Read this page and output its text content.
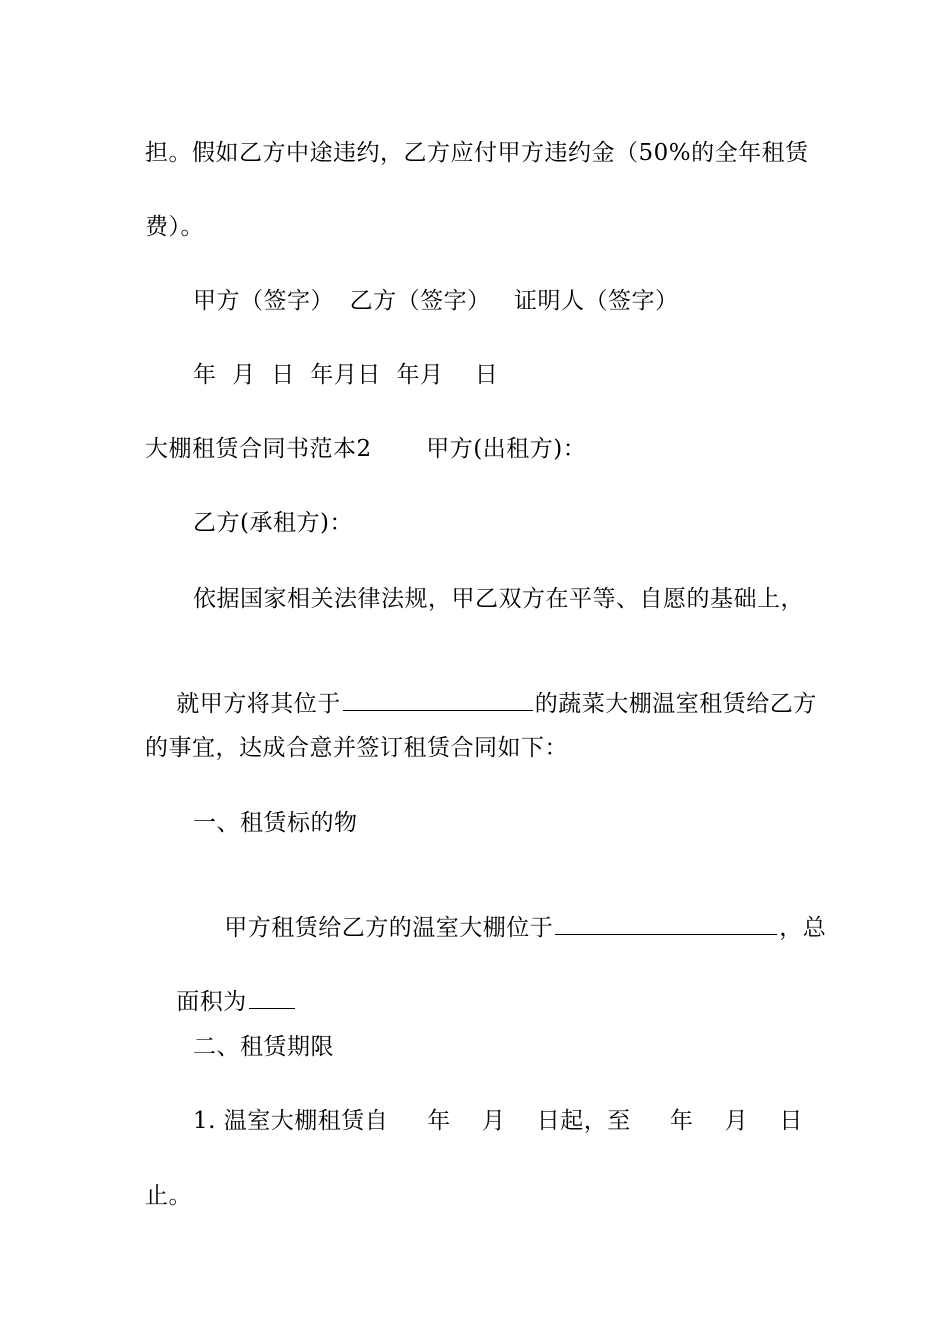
担。假如乙方中途违约，乙方应付甲方违约金（50%的全年租赁
费）。
甲方（签字）  乙方（签字）   证明人（签字）
年  月  日  年月日  年月    日
大棚租赁合同书范本2       甲方(出租方)：
乙方(承租方)：
依据国家相关法律法规，甲乙双方在平等、自愿的基础上，

就甲方将其位于	的蔬菜大棚温室租赁给乙方

的事宜，达成合意并签订租赁合同如下：
一、租赁标的物

甲方租赁给乙方的温室大棚位于	，总

面积为

二、租赁期限
1. 温室大棚租赁自     年    月    日起，至     年    月    日
止。
